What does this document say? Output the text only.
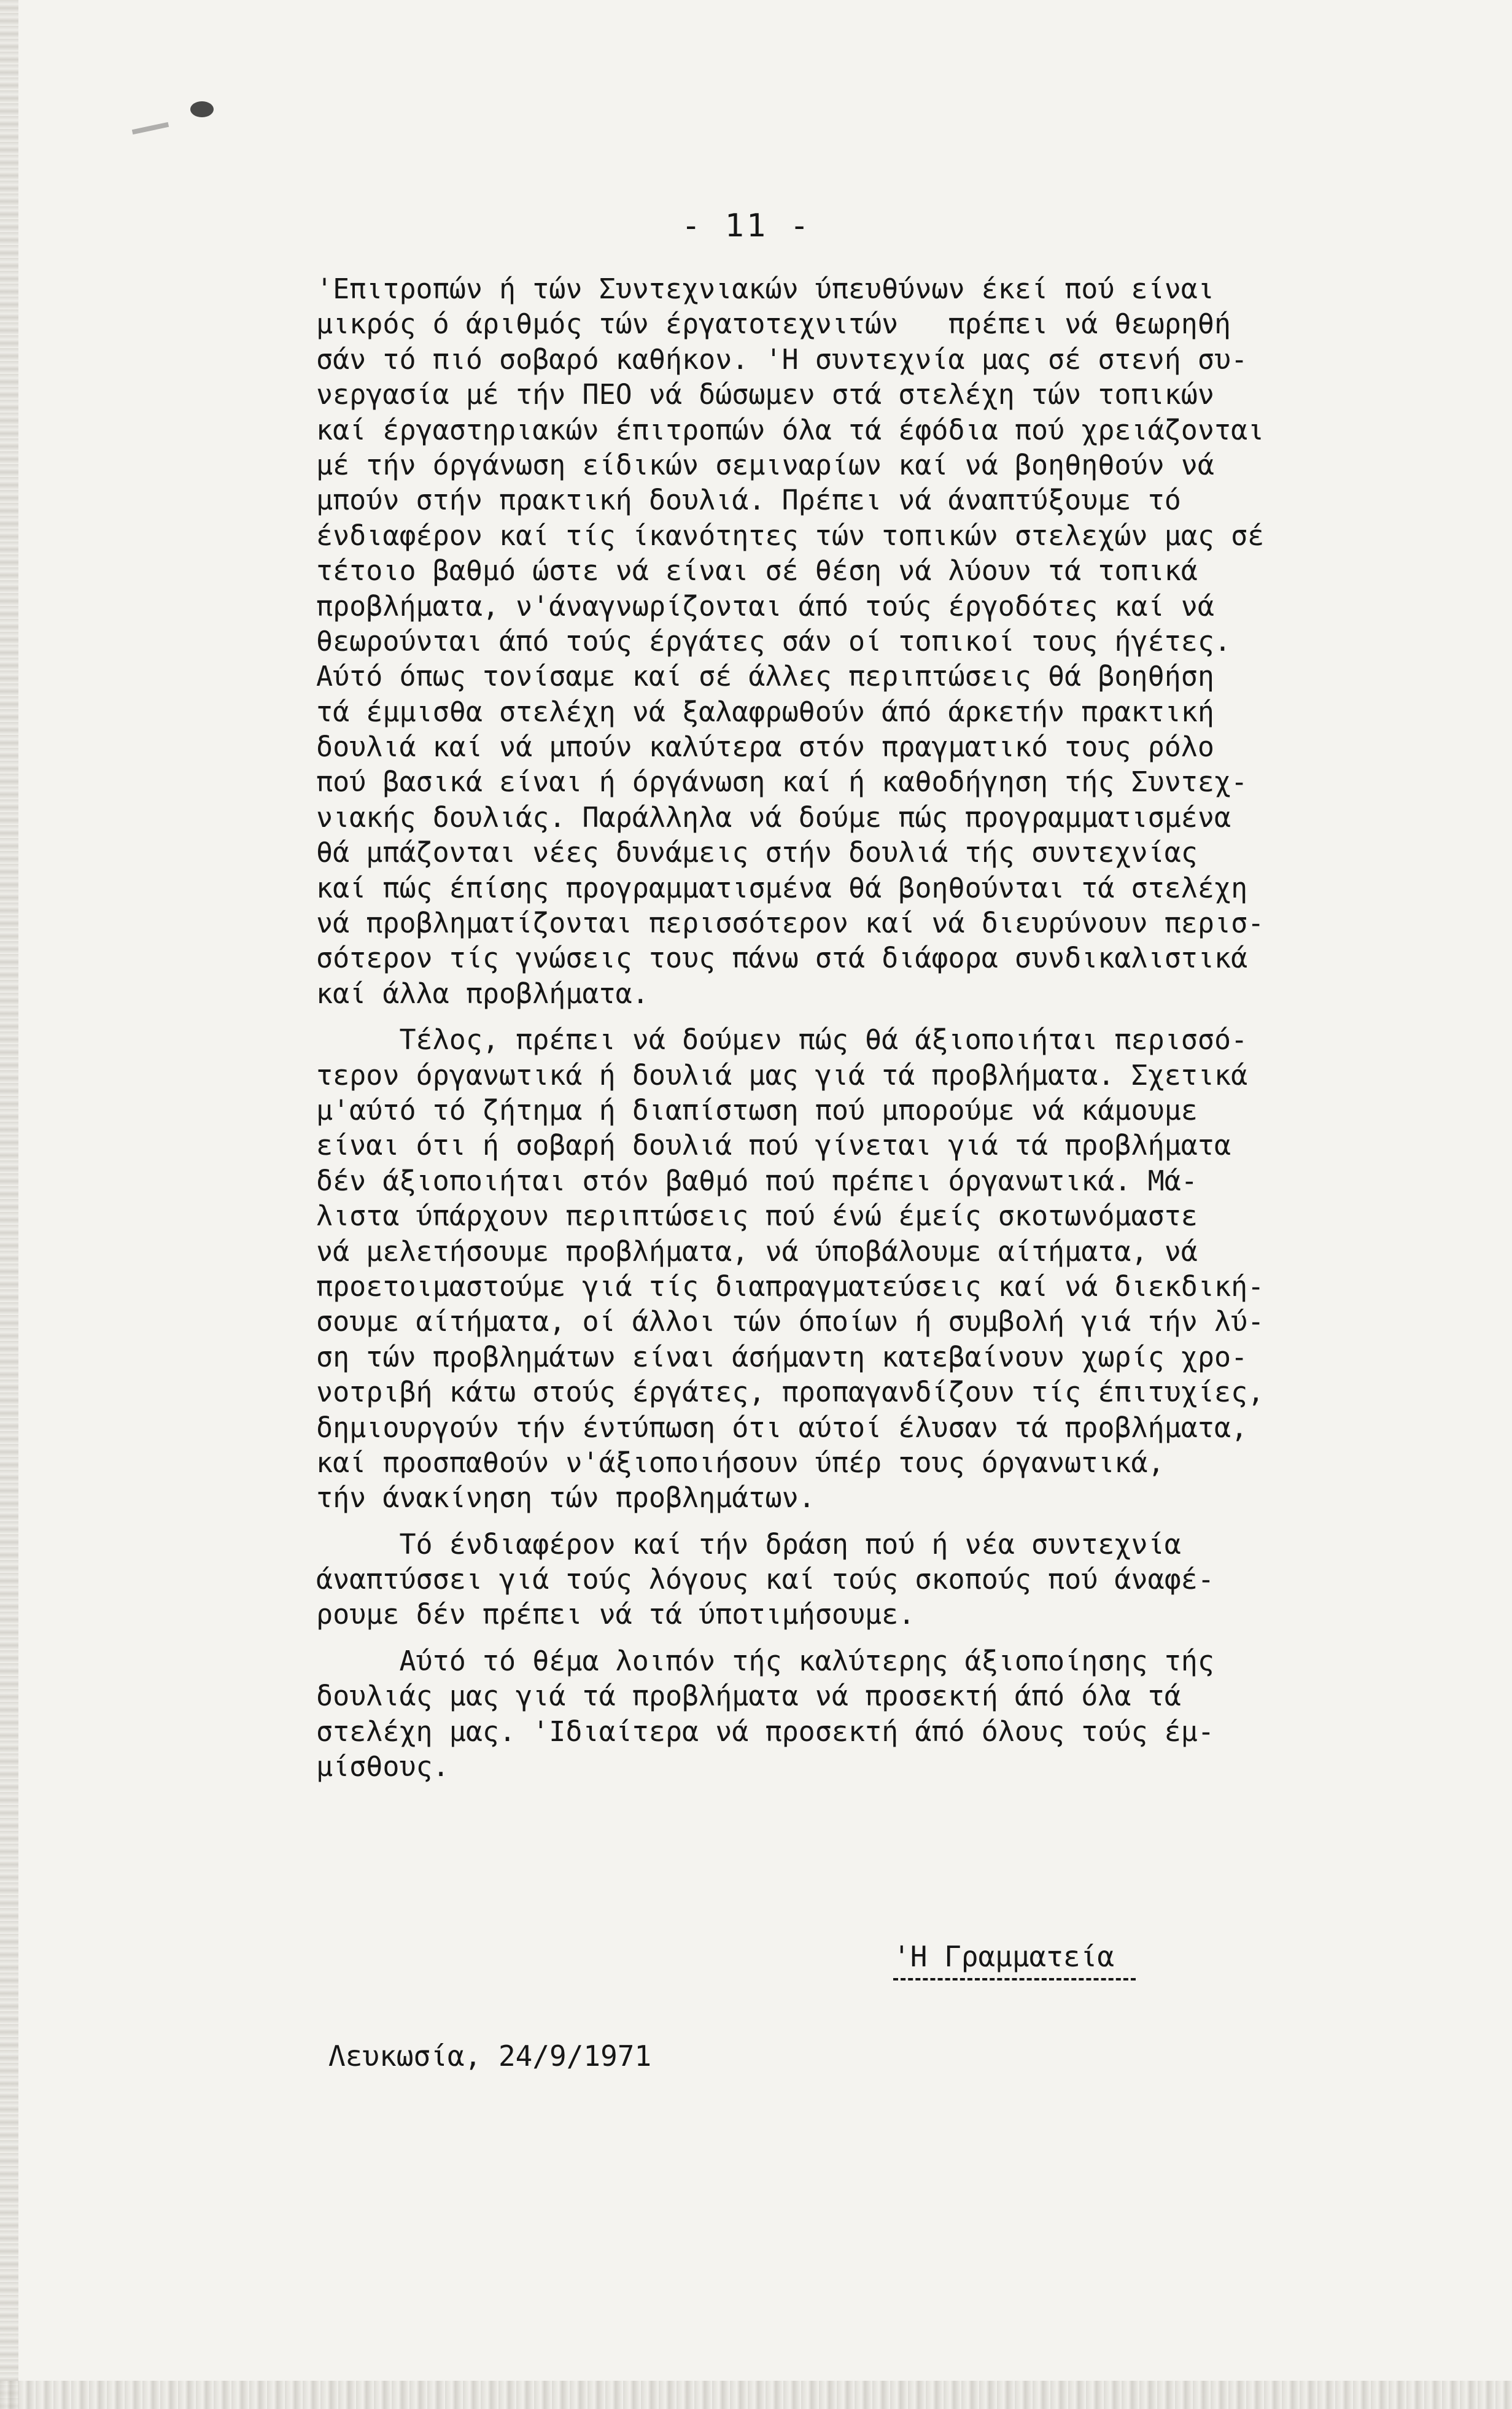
- 11 -
'Επιτροπών ή τών Συντεχνιακών ύπευθύνων έκεί πού είναι
μικρός ό άριθμός τών έργατοτεχνιτών   πρέπει νά θεωρηθή
σάν τό πιό σοβαρό καθήκον. 'Η συντεχνία μας σέ στενή συ-
νεργασία μέ τήν ΠΕΟ νά δώσωμεν στά στελέχη τών τοπικών
καί έργαστηριακών έπιτροπών όλα τά έφόδια πού χρειάζονται
μέ τήν όργάνωση είδικών σεμιναρίων καί νά βοηθηθούν νά
μπούν στήν πρακτική δουλιά. Πρέπει νά άναπτύξουμε τό
ένδιαφέρον καί τίς ίκανότητες τών τοπικών στελεχών μας σέ
τέτοιο βαθμό ώστε νά είναι σέ θέση νά λύουν τά τοπικά
προβλήματα, ν'άναγνωρίζονται άπό τούς έργοδότες καί νά
θεωρούνται άπό τούς έργάτες σάν οί τοπικοί τους ήγέτες.
Αύτό όπως τονίσαμε καί σέ άλλες περιπτώσεις θά βοηθήση
τά έμμισθα στελέχη νά ξαλαφρωθούν άπό άρκετήν πρακτική
δουλιά καί νά μπούν καλύτερα στόν πραγματικό τους ρόλο
πού βασικά είναι ή όργάνωση καί ή καθοδήγηση τής Συντεχ-
νιακής δουλιάς. Παράλληλα νά δούμε πώς προγραμματισμένα
θά μπάζονται νέες δυνάμεις στήν δουλιά τής συντεχνίας
καί πώς έπίσης προγραμματισμένα θά βοηθούνται τά στελέχη
νά προβληματίζονται περισσότερον καί νά διευρύνουν περισ-
σότερον τίς γνώσεις τους πάνω στά διάφορα συνδικαλιστικά
καί άλλα προβλήματα.
Τέλος, πρέπει νά δούμεν πώς θά άξιοποιήται περισσό-
τερον όργανωτικά ή δουλιά μας γιά τά προβλήματα. Σχετικά
μ'αύτό τό ζήτημα ή διαπίστωση πού μπορούμε νά κάμουμε
είναι ότι ή σοβαρή δουλιά πού γίνεται γιά τά προβλήματα
δέν άξιοποιήται στόν βαθμό πού πρέπει όργανωτικά. Μά-
λιστα ύπάρχουν περιπτώσεις πού ένώ έμείς σκοτωνόμαστε
νά μελετήσουμε προβλήματα, νά ύποβάλουμε αίτήματα, νά
προετοιμαστούμε γιά τίς διαπραγματεύσεις καί νά διεκδική-
σουμε αίτήματα, οί άλλοι τών όποίων ή συμβολή γιά τήν λύ-
ση τών προβλημάτων είναι άσήμαντη κατεβαίνουν χωρίς χρο-
νοτριβή κάτω στούς έργάτες, προπαγανδίζουν τίς έπιτυχίες,
δημιουργούν τήν έντύπωση ότι αύτοί έλυσαν τά προβλήματα,
καί προσπαθούν ν'άξιοποιήσουν ύπέρ τους όργανωτικά,
τήν άνακίνηση τών προβλημάτων.
Τό ένδιαφέρον καί τήν δράση πού ή νέα συντεχνία
άναπτύσσει γιά τούς λόγους καί τούς σκοπούς πού άναφέ-
ρουμε δέν πρέπει νά τά ύποτιμήσουμε.
Αύτό τό θέμα λοιπόν τής καλύτερης άξιοποίησης τής
δουλιάς μας γιά τά προβλήματα νά προσεκτή άπό όλα τά
στελέχη μας. 'Ιδιαίτερα νά προσεκτή άπό όλους τούς έμ-
μίσθους.
'Η Γραμματεία
Λευκωσία, 24/9/1971
